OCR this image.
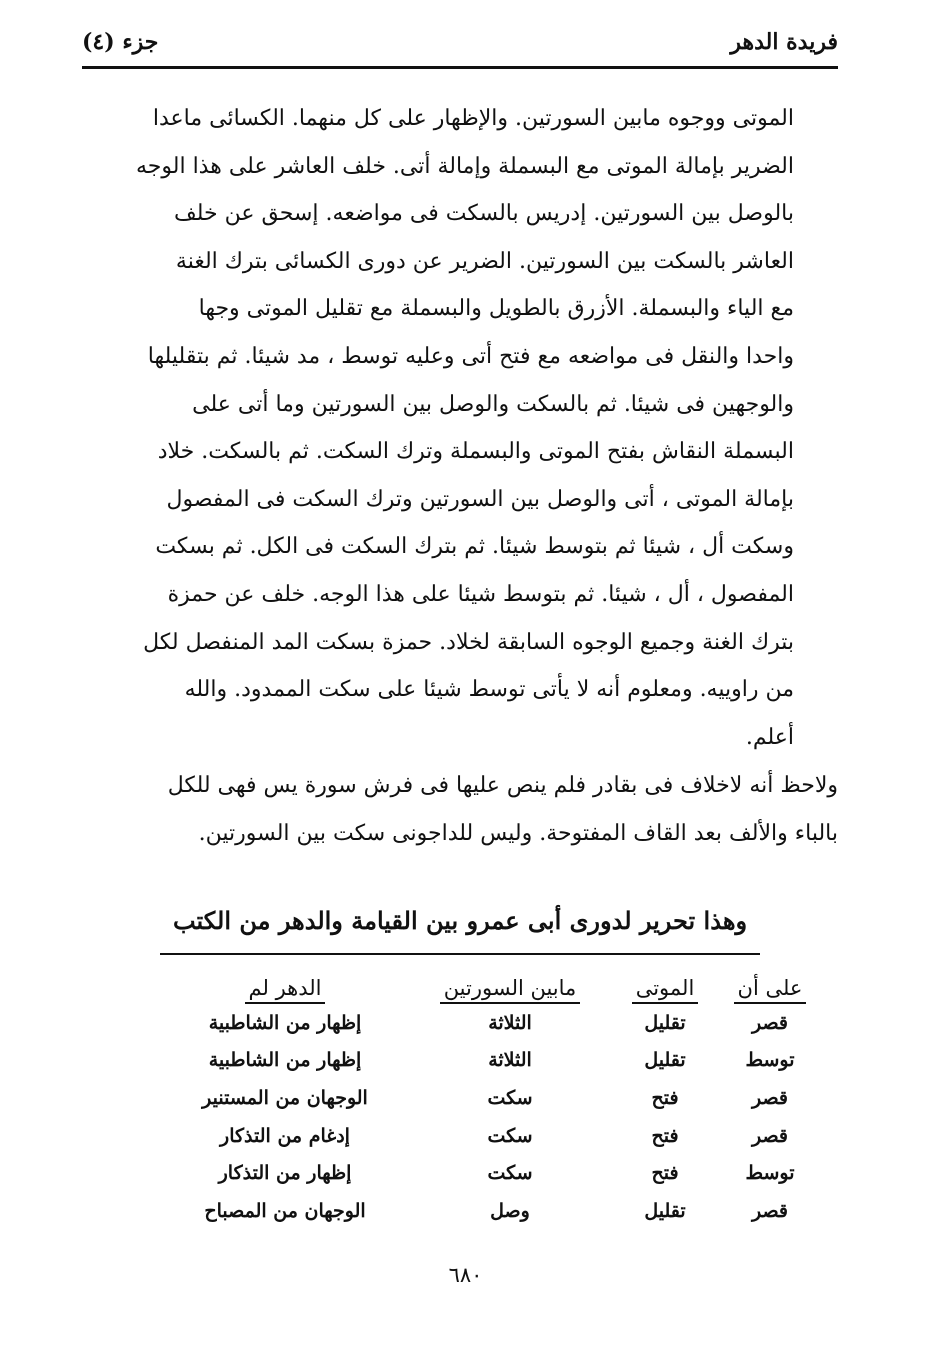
فريدة الدهر
جزء (٤)

الموتى ووجوه مابين السورتين. والإظهار على كل منهما. الكسائى ماعدا

الضرير بإمالة الموتى مع البسملة وإمالة أتى. خلف العاشر على هذا الوجه

بالوصل بين السورتين. إدريس بالسكت فى مواضعه. إسحق عن خلف

العاشر بالسكت بين السورتين. الضرير عن دورى الكسائى بترك الغنة

مع الياء والبسملة. الأزرق بالطويل والبسملة مع تقليل الموتى وجها

واحدا والنقل فى مواضعه مع فتح أتى وعليه توسط ، مد شيئا. ثم بتقليلها

والوجهين فى شيئا. ثم بالسكت والوصل بين السورتين وما أتى على

البسملة النقاش بفتح الموتى والبسملة وترك السكت. ثم بالسكت. خلاد

بإمالة الموتى ، أتى والوصل بين السورتين وترك السكت فى المفصول

وسكت أل ، شيئا ثم بتوسط شيئا. ثم بترك السكت فى الكل. ثم بسكت

المفصول ، أل ، شيئا. ثم بتوسط شيئا على هذا الوجه. خلف عن حمزة

بترك الغنة وجميع الوجوه السابقة لخلاد. حمزة بسكت المد المنفصل لكل

من راوييه. ومعلوم أنه لا يأتى توسط شيئا على سكت الممدود. والله

أعلم.

ولاحظ أنه لاخلاف فى بقادر فلم ينص عليها فى فرش سورة يس فهى للكل

بالباء والألف بعد القاف المفتوحة. وليس للداجونى سكت بين السورتين.

وهذا تحرير لدورى أبى عمرو بين القيامة والدهر من الكتب
على أن	الموتى	مابين السورتين	الدهر لم
قصر	تقليل	الثلاثة	إظهار من الشاطبية
توسط	تقليل	الثلاثة	إظهار من الشاطبية
قصر	فتح	سكت	الوجهان من المستنير
قصر	فتح	سكت	إدغام من التذكار
توسط	فتح	سكت	إظهار من التذكار
قصر	تقليل	وصل	الوجهان من المصباح
٦٨٠
